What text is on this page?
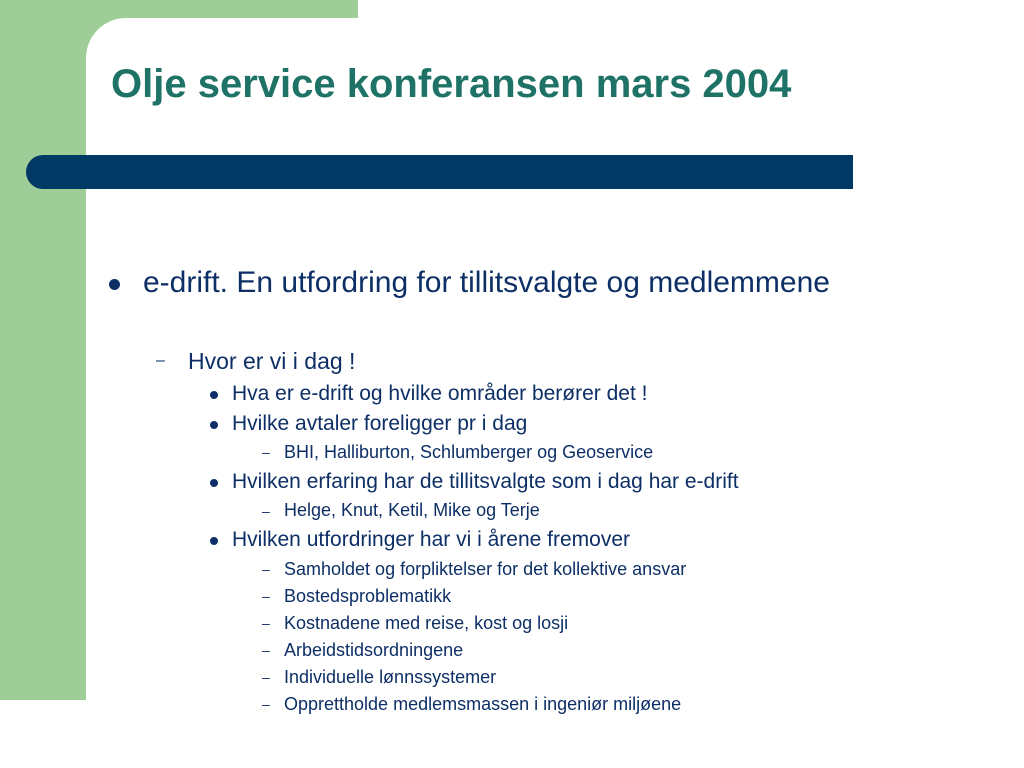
Olje service konferansen mars 2004
e-drift. En utfordring for tillitsvalgte og medlemmene
– Hvor er vi i dag !
Hva er e-drift og hvilke områder berører det !
Hvilke avtaler foreligger pr i dag
– BHI, Halliburton, Schlumberger og Geoservice
Hvilken erfaring har de tillitsvalgte som i dag har e-drift
– Helge, Knut, Ketil, Mike og Terje
Hvilken utfordringer har vi i årene fremover
– Samholdet og forpliktelser for det kollektive ansvar
– Bostedsproblematikk
– Kostnadene med reise, kost og losji
– Arbeidstidsordningene
– Individuelle lønnssystemer
– Opprettholde medlemsmassen i ingeniør miljøene
